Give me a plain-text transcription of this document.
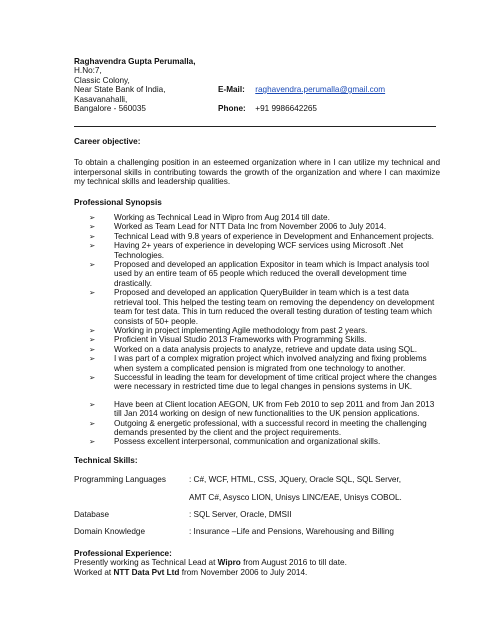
Raghavendra Gupta Perumalla,
H.No:7,
Classic Colony,
Near State Bank of India,
Kasavanahalli,
Bangalore - 560035
E-Mail: raghavendra.perumalla@gmail.com
Phone: +91 9986642265
Career objective:

To obtain a challenging position in an esteemed organization where in I can utilize my technical and interpersonal skills in contributing towards the growth of the organization and where I can maximize my technical skills and leadership qualities.

Professional Synopsis
➢ Working as Technical Lead in Wipro from Aug 2014 till date.
➢ Worked as Team Lead for NTT Data Inc from November 2006 to July 2014.
➢ Technical Lead with 9.8 years of experience in Development and Enhancement projects.
➢ Having 2+ years of experience in developing WCF services using Microsoft .Net Technologies.
➢ Proposed and developed an application Expositor in team which is Impact analysis tool used by an entire team of 65 people which reduced the overall development time drastically.
➢ Proposed and developed an application QueryBuilder in team which is a test data retrieval tool. This helped the testing team on removing the dependency on development team for test data. This in turn reduced the overall testing duration of testing team which consists of 50+ people.
➢ Working in project implementing Agile methodology from past 2 years.
➢ Proficient in Visual Studio 2013 Frameworks with Programming Skills.
➢ Worked on a data analysis projects to analyze, retrieve and update data using SQL.
➢ I was part of a complex migration project which involved analyzing and fixing problems when system a complicated pension is migrated from one technology to another.
➢ Successful in leading the team for development of time critical project where the changes were necessary in restricted time due to legal changes in pensions systems in UK.
➢ Have been at Client location AEGON, UK from Feb 2010 to sep 2011 and from Jan 2013 till Jan 2014 working on design of new functionalities to the UK pension applications.
➢ Outgoing & energetic professional, with a successful record in meeting the challenging demands presented by the client and the project requirements.
➢ Possess excellent interpersonal, communication and organizational skills.
Technical Skills:
Programming Languages	: C#, WCF, HTML, CSS, JQuery, Oracle SQL, SQL Server,
	AMT C#, Asysco LION, Unisys LINC/EAE, Unisys COBOL.
Database	: SQL Server, Oracle, DMSII
Domain Knowledge	: Insurance –Life and Pensions, Warehousing and Billing
Professional Experience:

Presently working as Technical Lead at Wipro from August 2016 to till date.

Worked at NTT Data Pvt Ltd from November 2006 to July 2014.
